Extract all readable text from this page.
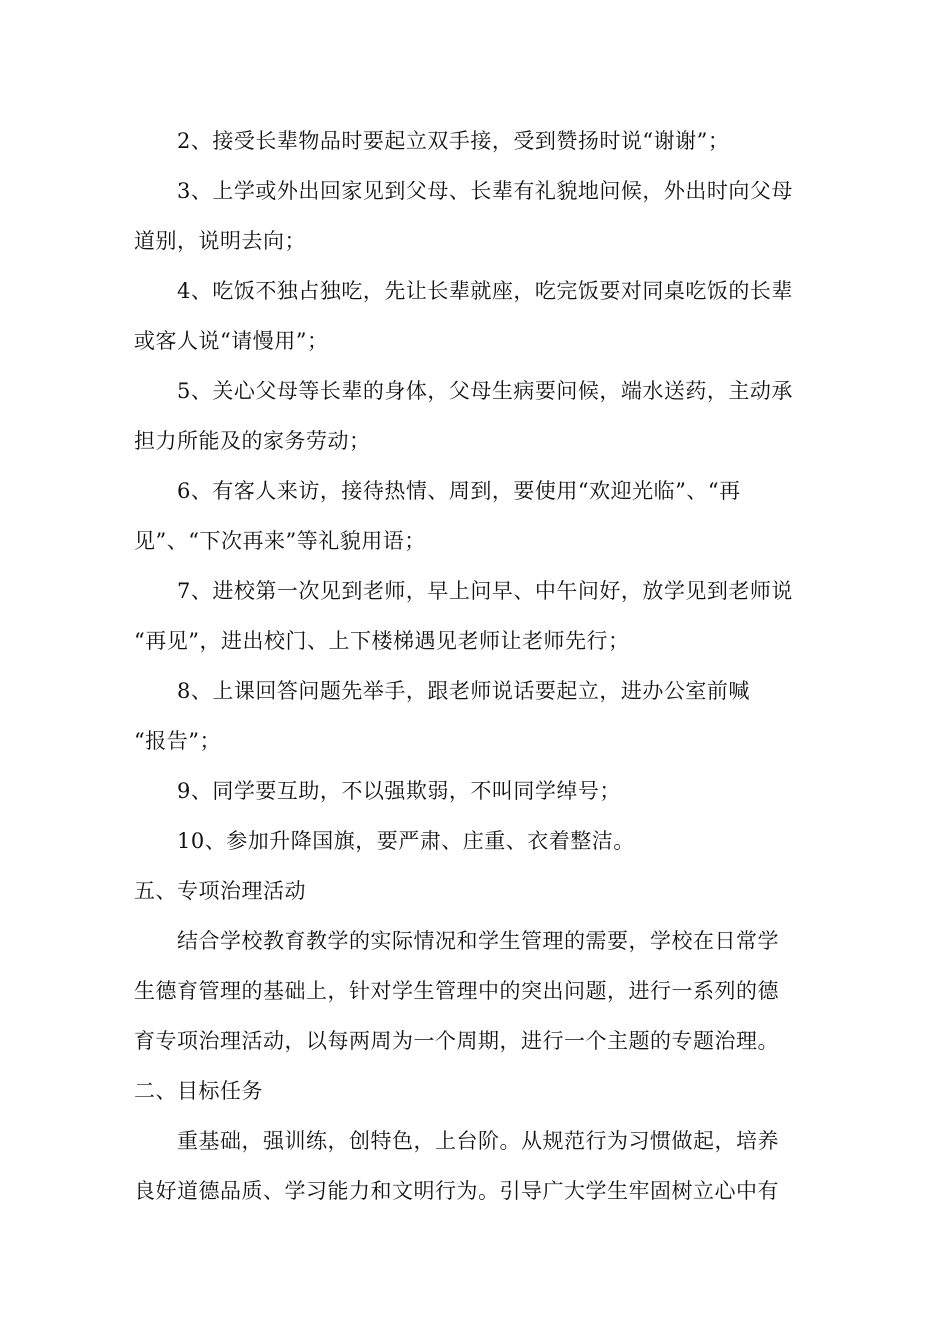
2、接受长辈物品时要起立双手接，受到赞扬时说“谢谢”；
3、上学或外出回家见到父母、长辈有礼貌地问候，外出时向父母
道别，说明去向；
4、吃饭不独占独吃，先让长辈就座，吃完饭要对同桌吃饭的长辈
或客人说“请慢用”；
5、关心父母等长辈的身体，父母生病要问候，端水送药，主动承
担力所能及的家务劳动；
6、有客人来访，接待热情、周到，要使用“欢迎光临”、“再
见”、“下次再来”等礼貌用语；
7、进校第一次见到老师，早上问早、中午问好，放学见到老师说
“再见”，进出校门、上下楼梯遇见老师让老师先行；
8、上课回答问题先举手，跟老师说话要起立，进办公室前喊
“报告”；
9、同学要互助，不以强欺弱，不叫同学绰号；
10、参加升降国旗，要严肃、庄重、衣着整洁。
五、专项治理活动
结合学校教育教学的实际情况和学生管理的需要，学校在日常学
生德育管理的基础上，针对学生管理中的突出问题，进行一系列的德
育专项治理活动，以每两周为一个周期，进行一个主题的专题治理。
二、目标任务
重基础，强训练，创特色，上台阶。从规范行为习惯做起，培养
良好道德品质、学习能力和文明行为。引导广大学生牢固树立心中有
